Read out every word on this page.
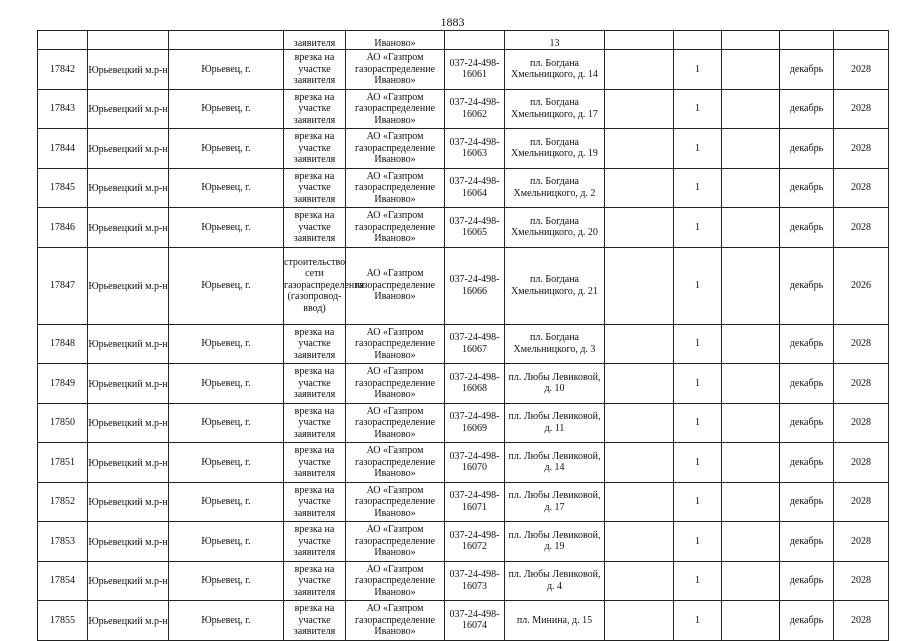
1883
			заявителя	Иваново»		13					
17842	Юрьевецкий м.р-н	Юрьевец, г.	врезка на участке заявителя	АО «Газпром газораспределение Иваново»	037-24-498-16061	пл. Богдана Хмельницкого, д. 14		1		декабрь	2028
17843	Юрьевецкий м.р-н	Юрьевец, г.	врезка на участке заявителя	АО «Газпром газораспределение Иваново»	037-24-498-16062	пл. Богдана Хмельницкого, д. 17		1		декабрь	2028
17844	Юрьевецкий м.р-н	Юрьевец, г.	врезка на участке заявителя	АО «Газпром газораспределение Иваново»	037-24-498-16063	пл. Богдана Хмельницкого, д. 19		1		декабрь	2028
17845	Юрьевецкий м.р-н	Юрьевец, г.	врезка на участке заявителя	АО «Газпром газораспределение Иваново»	037-24-498-16064	пл. Богдана Хмельницкого, д. 2		1		декабрь	2028
17846	Юрьевецкий м.р-н	Юрьевец, г.	врезка на участке заявителя	АО «Газпром газораспределение Иваново»	037-24-498-16065	пл. Богдана Хмельницкого, д. 20		1		декабрь	2028
17847	Юрьевецкий м.р-н	Юрьевец, г.	строительство сети газораспределения (газопровод-ввод)	АО «Газпром газораспределение Иваново»	037-24-498-16066	пл. Богдана Хмельницкого, д. 21		1		декабрь	2026
17848	Юрьевецкий м.р-н	Юрьевец, г.	врезка на участке заявителя	АО «Газпром газораспределение Иваново»	037-24-498-16067	пл. Богдана Хмельницкого, д. 3		1		декабрь	2028
17849	Юрьевецкий м.р-н	Юрьевец, г.	врезка на участке заявителя	АО «Газпром газораспределение Иваново»	037-24-498-16068	пл. Любы Левиковой, д. 10		1		декабрь	2028
17850	Юрьевецкий м.р-н	Юрьевец, г.	врезка на участке заявителя	АО «Газпром газораспределение Иваново»	037-24-498-16069	пл. Любы Левиковой, д. 11		1		декабрь	2028
17851	Юрьевецкий м.р-н	Юрьевец, г.	врезка на участке заявителя	АО «Газпром газораспределение Иваново»	037-24-498-16070	пл. Любы Левиковой, д. 14		1		декабрь	2028
17852	Юрьевецкий м.р-н	Юрьевец, г.	врезка на участке заявителя	АО «Газпром газораспределение Иваново»	037-24-498-16071	пл. Любы Левиковой, д. 17		1		декабрь	2028
17853	Юрьевецкий м.р-н	Юрьевец, г.	врезка на участке заявителя	АО «Газпром газораспределение Иваново»	037-24-498-16072	пл. Любы Левиковой, д. 19		1		декабрь	2028
17854	Юрьевецкий м.р-н	Юрьевец, г.	врезка на участке заявителя	АО «Газпром газораспределение Иваново»	037-24-498-16073	пл. Любы Левиковой, д. 4		1		декабрь	2028
17855	Юрьевецкий м.р-н	Юрьевец, г.	врезка на участке заявителя	АО «Газпром газораспределение Иваново»	037-24-498-16074	пл. Минина, д. 15		1		декабрь	2028
